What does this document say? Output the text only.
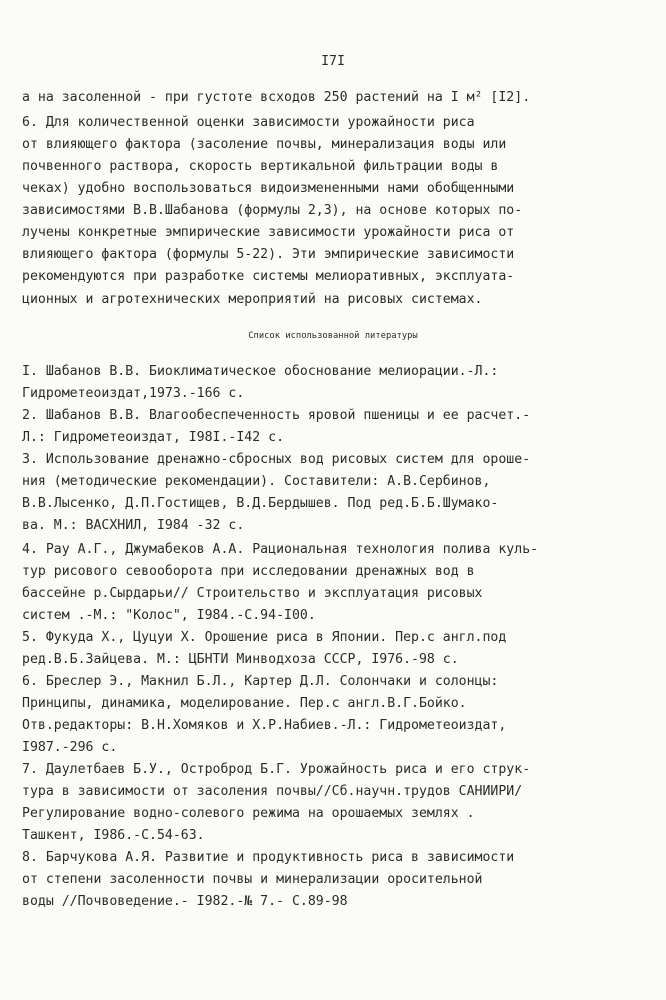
I7I
а на засоленной - при густоте всходов 250 растений на I м² [I2].
6. Для количественной оценки зависимости урожайности риса
от влияющего фактора (засоление почвы, минерализация воды или
почвенного раствора, скорость вертикальной фильтрации воды в
чеках) удобно воспользоваться видоизмененными нами обобщенными
зависимостями В.В.Шабанова (формулы 2,3), на основе которых по-
лучены конкретные эмпирические зависимости урожайности риса от
влияющего фактора (формулы 5-22). Эти эмпирические зависимости
рекомендуются при разработке системы мелиоративных, эксплуата-
ционных и агротехнических мероприятий на рисовых системах.
Список использованной литературы
I. Шабанов В.В. Биоклиматическое обоснование мелиорации.-Л.:
Гидрометеоиздат,1973.-166 с.
2. Шабанов В.В. Влагообеспеченность яровой пшеницы и ее расчет.-
Л.: Гидрометеоиздат, I98I.-I42 с.
3. Использование дренажно-сбросных вод рисовых систем для ороше-
ния (методические рекомендации). Составители: А.В.Сербинов,
В.В.Лысенко, Д.П.Гостищев, В.Д.Бердышев. Под ред.Б.Б.Шумако-
ва. М.: ВАСХНИЛ, I984 -32 с.
4. Рау А.Г., Джумабеков А.А. Рациональная технология полива куль-
тур рисового севооборота при исследовании дренажных вод в
бассейне р.Сырдарьи// Строительство и эксплуатация рисовых
систем .-М.: "Колос", I984.-С.94-I00.
5. Фукуда Х., Цуцуи Х. Орошение риса в Японии. Пер.с англ.под
ред.В.Б.Зайцева. М.: ЦБНТИ Минводхоза СССР, I976.-98 с.
6. Бреслер Э., Макнил Б.Л., Картер Д.Л. Солончаки и солонцы:
Принципы, динамика, моделирование. Пер.с англ.В.Г.Бойко.
Отв.редакторы: В.Н.Хомяков и Х.Р.Набиев.-Л.: Гидрометеоиздат,
I987.-296 с.
7. Даулетбаев Б.У., Остроброд Б.Г. Урожайность риса и его струк-
тура в зависимости от засоления почвы//Сб.научн.трудов САНИИРИ/
Регулирование водно-солевого режима на орошаемых землях .
Ташкент, I986.-С.54-63.
8. Барчукова А.Я. Развитие и продуктивность риса в зависимости
от степени засоленности почвы и минерализации оросительной
воды //Почвоведение.- I982.-№ 7.- С.89-98
